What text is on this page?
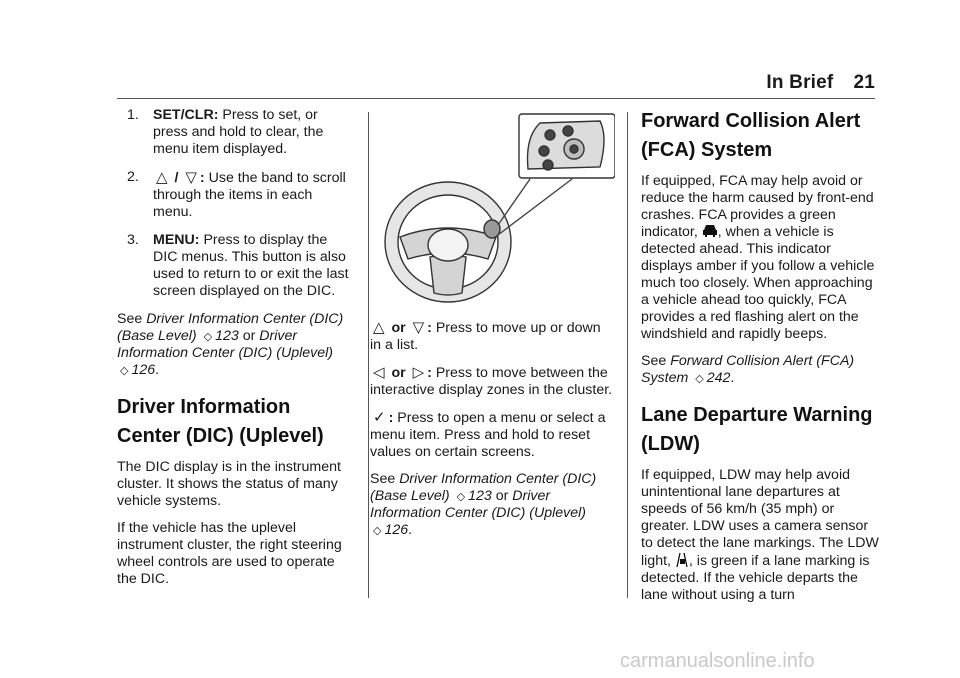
In Brief 21
1. SET/CLR: Press to set, or press and hold to clear, the menu item displayed.
2. △ / ▽ : Use the band to scroll through the items in each menu.
3. MENU: Press to display the DIC menus. This button is also used to return to or exit the last screen displayed on the DIC.

See Driver Information Center (DIC) (Base Level) ◇ 123 or Driver Information Center (DIC) (Uplevel) ◇ 126.

Driver Information Center (DIC) (Uplevel)

The DIC display is in the instrument cluster. It shows the status of many vehicle systems.

If the vehicle has the uplevel instrument cluster, the right steering wheel controls are used to operate the DIC.

△ or ▽ : Press to move up or down in a list.

◁ or ▷ : Press to move between the interactive display zones in the cluster.

✓ : Press to open a menu or select a menu item. Press and hold to reset values on certain screens.

See Driver Information Center (DIC) (Base Level) ◇ 123 or Driver Information Center (DIC) (Uplevel) ◇ 126.

Forward Collision Alert (FCA) System

If equipped, FCA may help avoid or reduce the harm caused by front-end crashes. FCA provides a green indicator, , when a vehicle is detected ahead. This indicator displays amber if you follow a vehicle much too closely. When approaching a vehicle ahead too quickly, FCA provides a red flashing alert on the windshield and rapidly beeps.

See Forward Collision Alert (FCA) System ◇ 242.

Lane Departure Warning (LDW)

If equipped, LDW may help avoid unintentional lane departures at speeds of 56 km/h (35 mph) or greater. LDW uses a camera sensor to detect the lane markings. The LDW light, , is green if a lane marking is detected. If the vehicle departs the lane without using a turn

carmanualsonline.info
